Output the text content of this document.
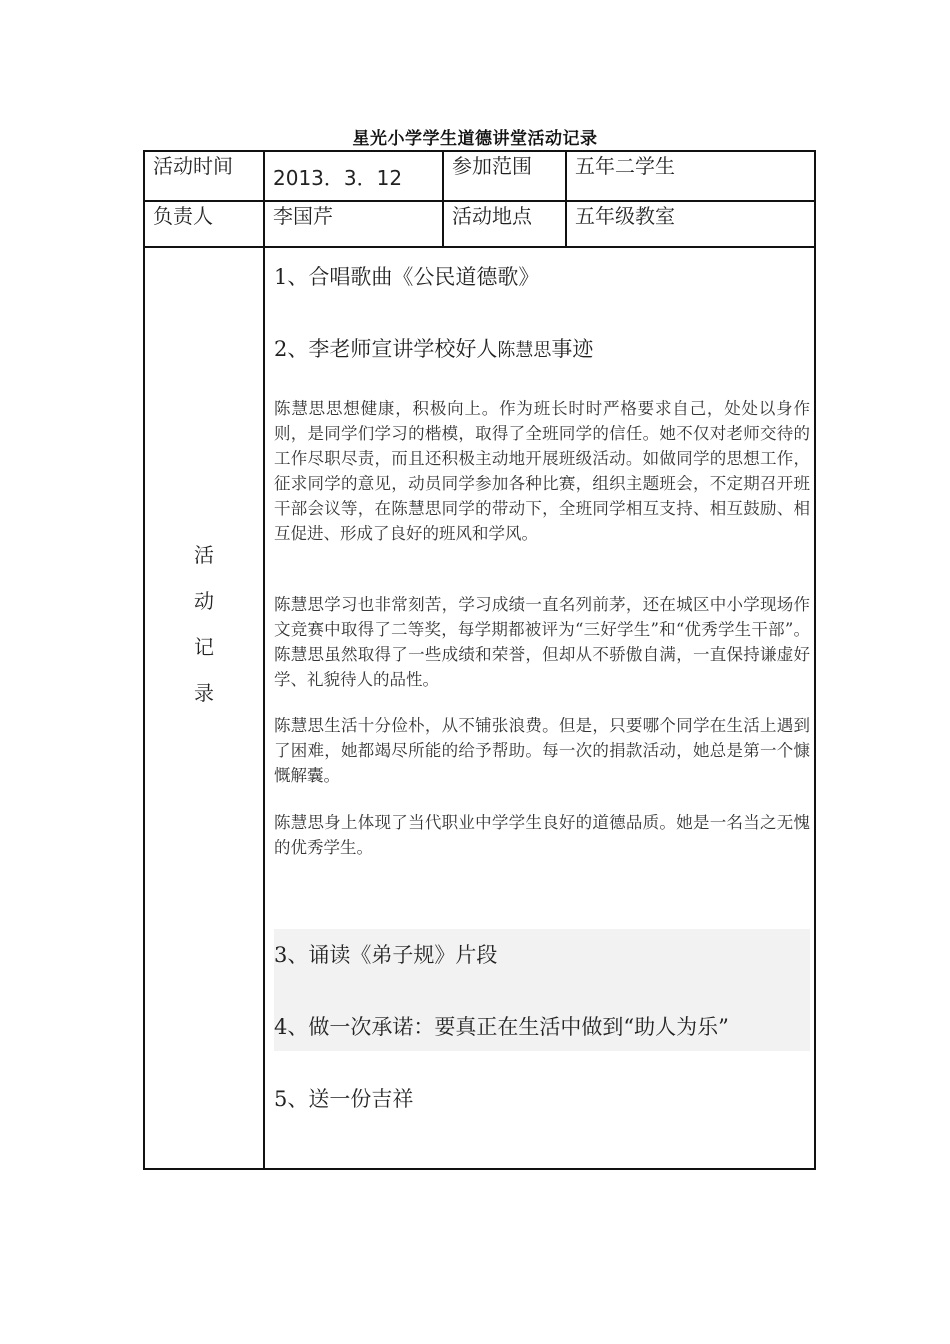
星光小学学生道德讲堂活动记录
活动时间 2013．3．12 参加范围 五年二学生
负责人	李国芹	活动地点 五年级教室
活
动
记
录
1、合唱歌曲《公民道德歌》
2、李老师宣讲学校好人陈慧思事迹

陈慧思思想健康，积极向上。作为班长时时严格要求自己，处处以身作则，是同学们学习的楷模，取得了全班同学的信任。她不仅对老师交待的工作尽职尽责，而且还积极主动地开展班级活动。如做同学的思想工作，征求同学的意见，动员同学参加各种比赛，组织主题班会，不定期召开班干部会议等，在陈慧思同学的带动下，全班同学相互支持、相互鼓励、相互促进、形成了良好的班风和学风。

陈慧思学习也非常刻苦，学习成绩一直名列前茅，还在城区中小学现场作文竞赛中取得了二等奖，每学期都被评为“三好学生”和“优秀学生干部”。陈慧思虽然取得了一些成绩和荣誉，但却从不骄傲自满，一直保持谦虚好学、礼貌待人的品性。

陈慧思生活十分俭朴，从不铺张浪费。但是，只要哪个同学在生活上遇到了困难，她都竭尽所能的给予帮助。每一次的捐款活动，她总是第一个慷慨解囊。

陈慧思身上体现了当代职业中学学生良好的道德品质。她是一名当之无愧的优秀学生。

3、诵读《弟子规》片段
4、做一次承诺：要真正在生活中做到“助人为乐”
5、送一份吉祥
